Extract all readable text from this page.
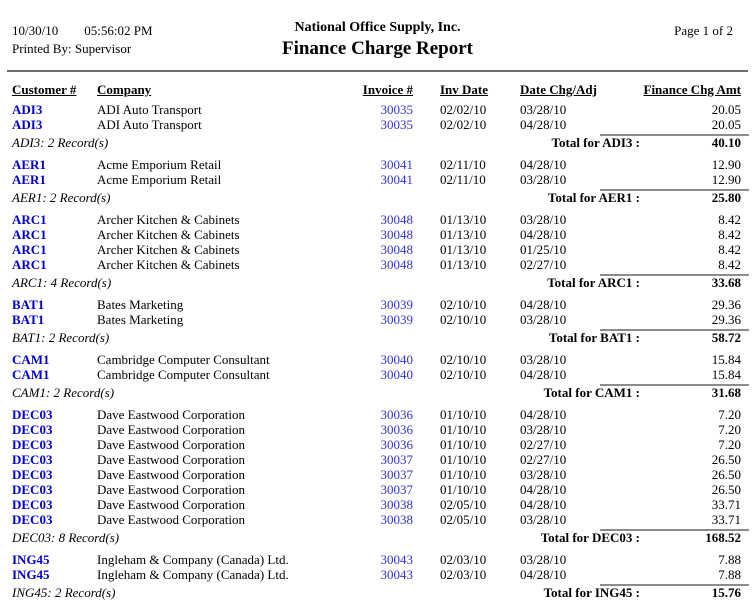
10/30/10 05:56:02 PM
Printed By: Supervisor
National Office Supply, Inc.
Finance Charge Report
Page 1 of 2
Customer #	Company	Invoice #	Inv Date	Date Chg/Adj	Finance Chg Amt
ADI3	ADI Auto Transport	30035	02/02/10	03/28/10	20.05
ADI3	ADI Auto Transport	30035	02/02/10	04/28/10	20.05
ADI3: 2 Record(s)	Total for ADI3 :	40.10
AER1	Acme Emporium Retail	30041	02/11/10	04/28/10	12.90
AER1	Acme Emporium Retail	30041	02/11/10	03/28/10	12.90
AER1: 2 Record(s)	Total for AER1 :	25.80
ARC1	Archer Kitchen & Cabinets	30048	01/13/10	03/28/10	8.42
ARC1	Archer Kitchen & Cabinets	30048	01/13/10	04/28/10	8.42
ARC1	Archer Kitchen & Cabinets	30048	01/13/10	01/25/10	8.42
ARC1	Archer Kitchen & Cabinets	30048	01/13/10	02/27/10	8.42
ARC1: 4 Record(s)	Total for ARC1 :	33.68
BAT1	Bates Marketing	30039	02/10/10	04/28/10	29.36
BAT1	Bates Marketing	30039	02/10/10	03/28/10	29.36
BAT1: 2 Record(s)	Total for BAT1 :	58.72
CAM1	Cambridge Computer Consultant	30040	02/10/10	03/28/10	15.84
CAM1	Cambridge Computer Consultant	30040	02/10/10	04/28/10	15.84
CAM1: 2 Record(s)	Total for CAM1 :	31.68
DEC03	Dave Eastwood Corporation	30036	01/10/10	04/28/10	7.20
DEC03	Dave Eastwood Corporation	30036	01/10/10	03/28/10	7.20
DEC03	Dave Eastwood Corporation	30036	01/10/10	02/27/10	7.20
DEC03	Dave Eastwood Corporation	30037	01/10/10	02/27/10	26.50
DEC03	Dave Eastwood Corporation	30037	01/10/10	03/28/10	26.50
DEC03	Dave Eastwood Corporation	30037	01/10/10	04/28/10	26.50
DEC03	Dave Eastwood Corporation	30038	02/05/10	04/28/10	33.71
DEC03	Dave Eastwood Corporation	30038	02/05/10	03/28/10	33.71
DEC03: 8 Record(s)	Total for DEC03 :	168.52
ING45	Ingleham & Company (Canada) Ltd.	30043	02/03/10	03/28/10	7.88
ING45	Ingleham & Company (Canada) Ltd.	30043	02/03/10	04/28/10	7.88
ING45: 2 Record(s)	Total for ING45 :	15.76
